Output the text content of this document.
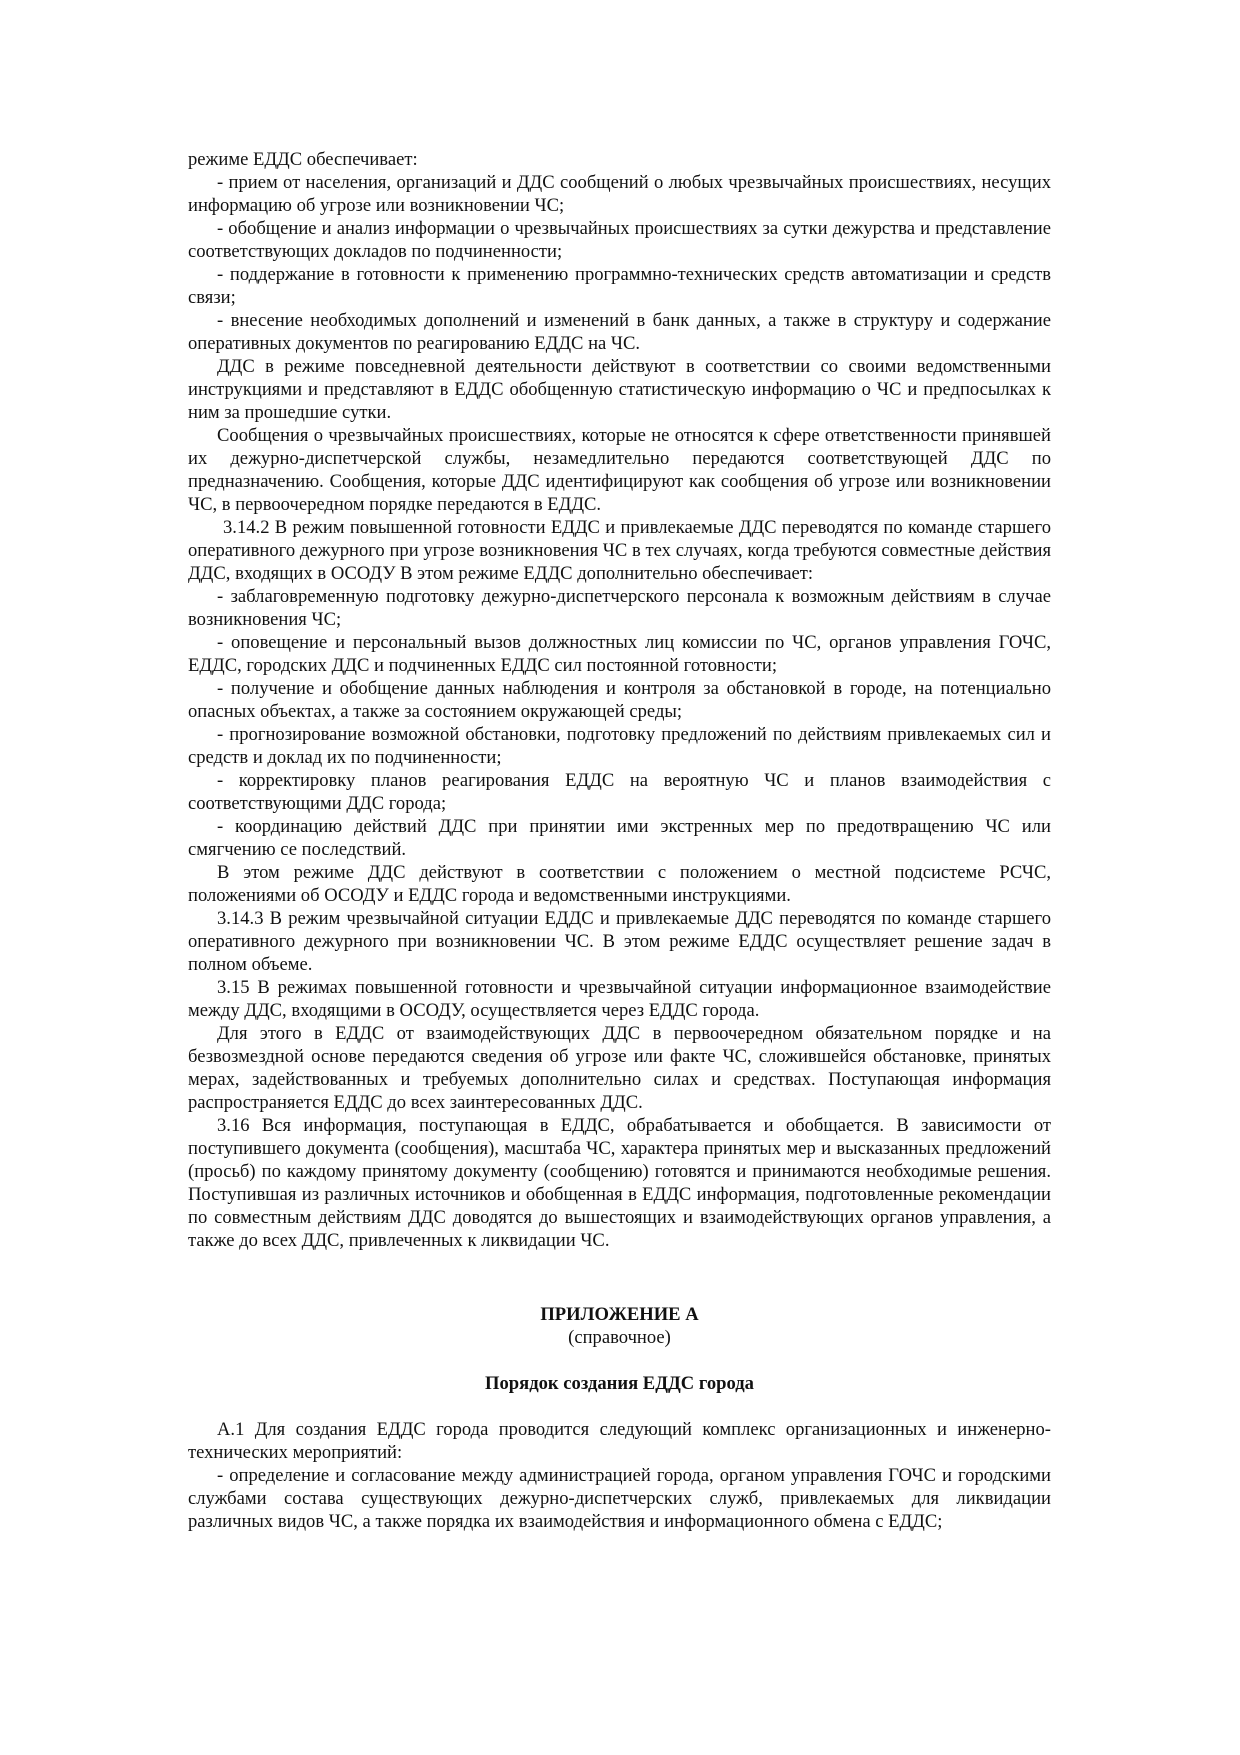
режиме ЕДДС обеспечивает:

- прием от населения, организаций и ДДС сообщений о любых чрезвычайных происшествиях, несущих информацию об угрозе или возникновении ЧС;

- обобщение и анализ информации о чрезвычайных происшествиях за сутки дежурства и представление соответствующих докладов по подчиненности;

- поддержание в готовности к применению программно-технических средств автоматизации и средств связи;

- внесение необходимых дополнений и изменений в банк данных, а также в структуру и содержание оперативных документов по реагированию ЕДДС на ЧС.

ДДС в режиме повседневной деятельности действуют в соответствии со своими ведомственными инструкциями и представляют в ЕДДС обобщенную статистическую информацию о ЧС и предпосылках к ним за прошедшие сутки.

Сообщения о чрезвычайных происшествиях, которые не относятся к сфере ответственности принявшей их дежурно-диспетчерской службы, незамедлительно передаются соответствующей ДДС по предназначению. Сообщения, которые ДДС идентифицируют как сообщения об угрозе или возникновении ЧС, в первоочередном порядке передаются в ЕДДС.

3.14.2 В режим повышенной готовности ЕДДС и привлекаемые ДДС переводятся по команде старшего оперативного дежурного при угрозе возникновения ЧС в тех случаях, когда требуются совместные действия ДДС, входящих в ОСОДУ В этом режиме ЕДДС дополнительно обеспечивает:

- заблаговременную подготовку дежурно-диспетчерского персонала к возможным действиям в случае возникновения ЧС;

- оповещение и персональный вызов должностных лиц комиссии по ЧС, органов управления ГОЧС, ЕДДС, городских ДДС и подчиненных ЕДДС сил постоянной готовности;

- получение и обобщение данных наблюдения и контроля за обстановкой в городе, на потенциально опасных объектах, а также за состоянием окружающей среды;

- прогнозирование возможной обстановки, подготовку предложений по действиям привлекаемых сил и средств и доклад их по подчиненности;

- корректировку планов реагирования ЕДДС на вероятную ЧС и планов взаимодействия с соответствующими ДДС города;

- координацию действий ДДС при принятии ими экстренных мер по предотвращению ЧС или смягчению се последствий.

В этом режиме ДДС действуют в соответствии с положением о местной подсистеме РСЧС, положениями об ОСОДУ и ЕДДС города и ведомственными инструкциями.

3.14.3 В режим чрезвычайной ситуации ЕДДС и привлекаемые ДДС переводятся по команде старшего оперативного дежурного при возникновении ЧС. В этом режиме ЕДДС осуществляет решение задач в полном объеме.

3.15 В режимах повышенной готовности и чрезвычайной ситуации информационное взаимодействие между ДДС, входящими в ОСОДУ, осуществляется через ЕДДС города.

Для этого в ЕДДС от взаимодействующих ДДС в первоочередном обязательном порядке и на безвозмездной основе передаются сведения об угрозе или факте ЧС, сложившейся обстановке, принятых мерах, задействованных и требуемых дополнительно силах и средствах. Поступающая информация распространяется ЕДДС до всех заинтересованных ДДС.

3.16 Вся информация, поступающая в ЕДДС, обрабатывается и обобщается. В зависимости от поступившего документа (сообщения), масштаба ЧС, характера принятых мер и высказанных предложений (просьб) по каждому принятому документу (сообщению) готовятся и принимаются необходимые решения. Поступившая из различных источников и обобщенная в ЕДДС информация, подготовленные рекомендации по совместным действиям ДДС доводятся до вышестоящих и взаимодействующих органов управления, а также до всех ДДС, привлеченных к ликвидации ЧС.

ПРИЛОЖЕНИЕ А

(справочное)

Порядок создания ЕДДС города

А.1 Для создания ЕДДС города проводится следующий комплекс организационных и инженерно-технических мероприятий:

- определение и согласование между администрацией города, органом управления ГОЧС и городскими службами состава существующих дежурно-диспетчерских служб, привлекаемых для ликвидации различных видов ЧС, а также порядка их взаимодействия и информационного обмена с ЕДДС;
